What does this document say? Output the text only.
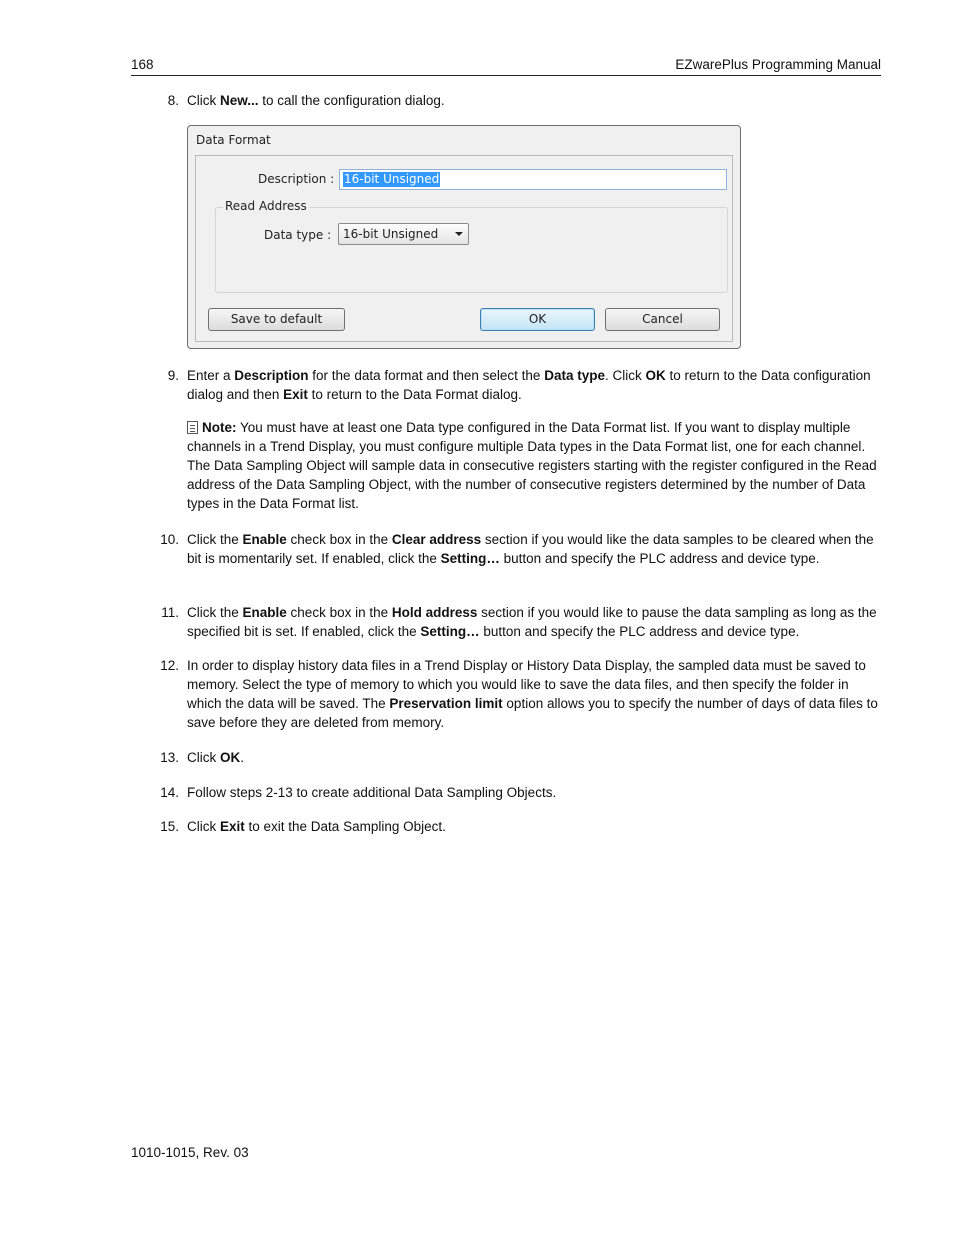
168	EZwarePlus Programming Manual
8. Click New... to call the configuration dialog.
Data Format
Description : 16-bit Unsigned
Read Address
Data type : 16-bit Unsigned
Save to default	OK	Cancel
9. Enter a Description for the data format and then select the Data type. Click OK to return to the Data configuration dialog and then Exit to return to the Data Format dialog.
Note: You must have at least one Data type configured in the Data Format list. If you want to display multiple channels in a Trend Display, you must configure multiple Data types in the Data Format list, one for each channel. The Data Sampling Object will sample data in consecutive registers starting with the register configured in the Read address of the Data Sampling Object, with the number of consecutive registers determined by the number of Data types in the Data Format list.
10. Click the Enable check box in the Clear address section if you would like the data samples to be cleared when the bit is momentarily set. If enabled, click the Setting… button and specify the PLC address and device type.
11. Click the Enable check box in the Hold address section if you would like to pause the data sampling as long as the specified bit is set. If enabled, click the Setting… button and specify the PLC address and device type.
12. In order to display history data files in a Trend Display or History Data Display, the sampled data must be saved to memory. Select the type of memory to which you would like to save the data files, and then specify the folder in which the data will be saved. The Preservation limit option allows you to specify the number of days of data files to save before they are deleted from memory.
13. Click OK.
14. Follow steps 2-13 to create additional Data Sampling Objects.
15. Click Exit to exit the Data Sampling Object.
1010-1015, Rev. 03
